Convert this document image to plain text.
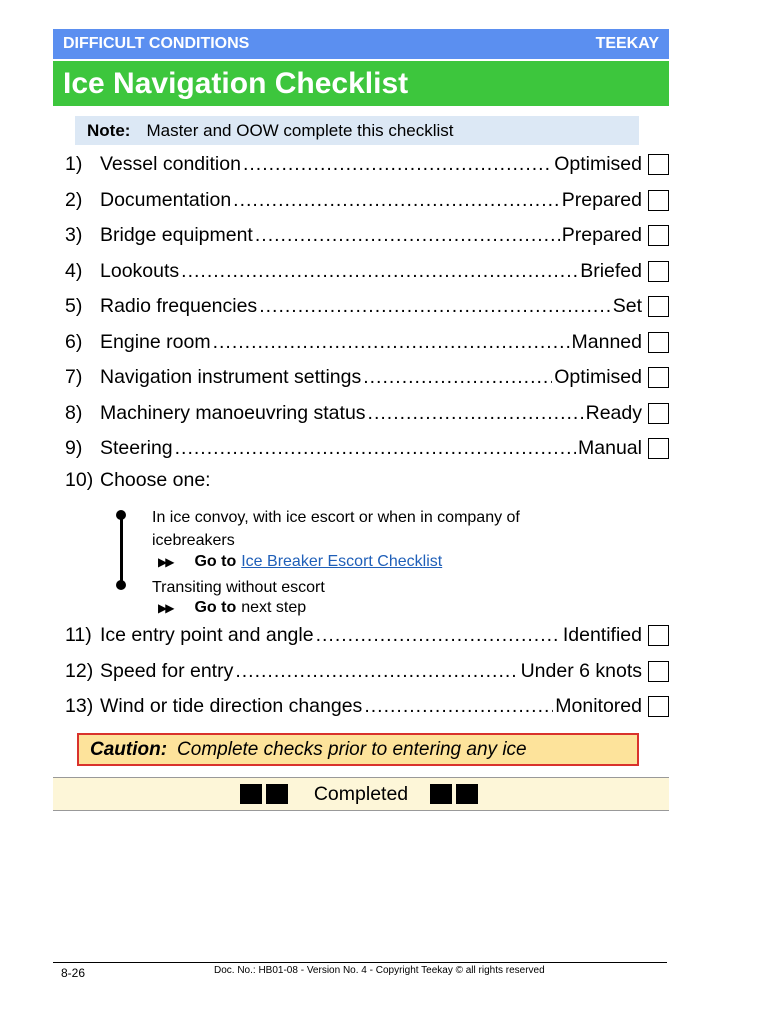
DIFFICULT CONDITIONS	TEEKAY
Ice Navigation Checklist
Note: Master and OOW complete this checklist
1) Vessel condition .....	Optimised
2) Documentation .....	Prepared
3) Bridge equipment .....	Prepared
4) Lookouts .....	Briefed
5) Radio frequencies .....	Set
6) Engine room .....	Manned
7) Navigation instrument settings .....	Optimised
8) Machinery manoeuvring status .....	Ready
9) Steering .....	Manual
10) Choose one:
In ice convoy, with ice escort or when in company of icebreakers
▶▶ Go to Ice Breaker Escort Checklist
Transiting without escort
▶▶ Go to next step
11) Ice entry point and angle .....	Identified
12) Speed for entry .....	Under 6 knots
13) Wind or tide direction changes .....	Monitored
Caution: Complete checks prior to entering any ice
Completed
8-26	Doc. No.: HB01-08 - Version No. 4 - Copyright Teekay © all rights reserved
